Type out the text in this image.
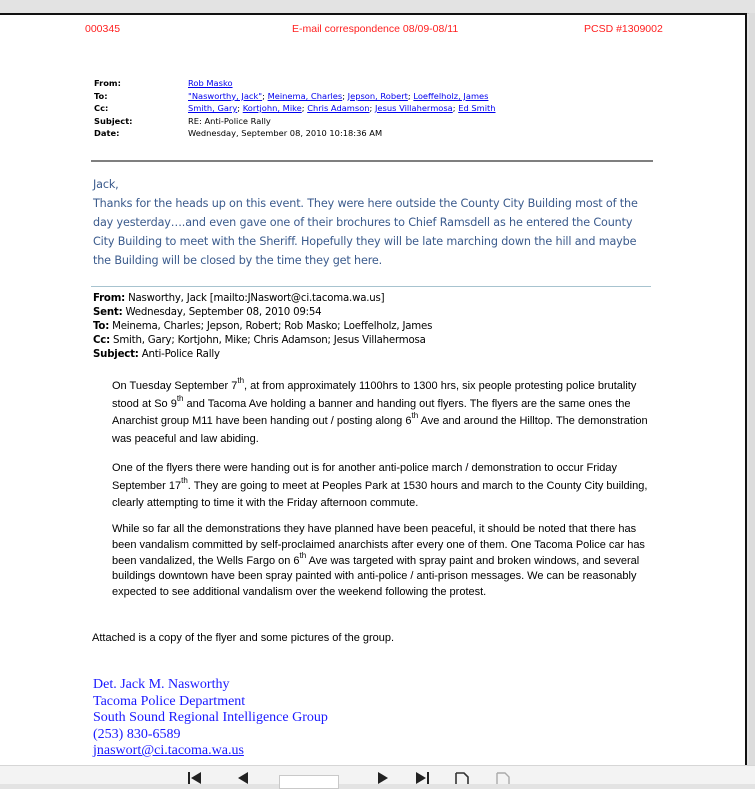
000345	E-mail correspondence 08/09-08/11	PCSD #1309002
From:	Rob Masko
To:	"Nasworthy, Jack"; Meinema, Charles; Jepson, Robert; Loeffelholz, James
Cc:	Smith, Gary; Kortjohn, Mike; Chris Adamson; Jesus Villahermosa; Ed Smith
Subject:	RE: Anti-Police Rally
Date:	Wednesday, September 08, 2010 10:18:36 AM

Jack,

Thanks for the heads up on this event. They were here outside the County City Building most of the day yesterday….and even gave one of their brochures to Chief Ramsdell as he entered the County City Building to meet with the Sheriff. Hopefully they will be late marching down the hill and maybe the Building will be closed by the time they get here.

From: Nasworthy, Jack [mailto:JNaswort@ci.tacoma.wa.us]
Sent: Wednesday, September 08, 2010 09:54
To: Meinema, Charles; Jepson, Robert; Rob Masko; Loeffelholz, James
Cc: Smith, Gary; Kortjohn, Mike; Chris Adamson; Jesus Villahermosa
Subject: Anti-Police Rally

On Tuesday September 7th, at from approximately 1100hrs to 1300 hrs, six people protesting police brutality stood at So 9th and Tacoma Ave holding a banner and handing out flyers. The flyers are the same ones the Anarchist group M11 have been handing out / posting along 6th Ave and around the Hilltop. The demonstration was peaceful and law abiding.

One of the flyers there were handing out is for another anti-police march / demonstration to occur Friday September 17th. They are going to meet at Peoples Park at 1530 hours and march to the County City building, clearly attempting to time it with the Friday afternoon commute.

While so far all the demonstrations they have planned have been peaceful, it should be noted that there has been vandalism committed by self-proclaimed anarchists after every one of them. One Tacoma Police car has been vandalized, the Wells Fargo on 6th Ave was targeted with spray paint and broken windows, and several buildings downtown have been spray painted with anti-police / anti-prison messages. We can be reasonably expected to see additional vandalism over the weekend following the protest.

Attached is a copy of the flyer and some pictures of the group.

Det. Jack M. Nasworthy
Tacoma Police Department
South Sound Regional Intelligence Group
(253) 830-6589
jnaswort@ci.tacoma.wa.us
